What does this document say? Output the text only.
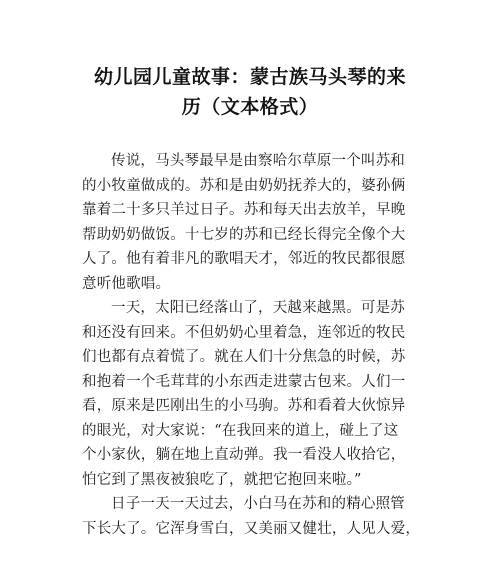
幼儿园儿童故事：蒙古族马头琴的来
历（文本格式）
传说，马头琴最早是由察哈尔草原一个叫苏和
的小牧童做成的。苏和是由奶奶抚养大的，婆孙俩
靠着二十多只羊过日子。苏和每天出去放羊，早晚
帮助奶奶做饭。十七岁的苏和已经长得完全像个大
人了。他有着非凡的歌唱天才，邻近的牧民都很愿
意听他歌唱。
一天，太阳已经落山了，天越来越黑。可是苏
和还没有回来。不但奶奶心里着急，连邻近的牧民
们也都有点着慌了。就在人们十分焦急的时候，苏
和抱着一个毛茸茸的小东西走进蒙古包来。人们一
看，原来是匹刚出生的小马驹。苏和看着大伙惊异
的眼光，对大家说：“在我回来的道上，碰上了这
个小家伙，躺在地上直动弹。我一看没人收拾它，
怕它到了黑夜被狼吃了，就把它抱回来啦。”
日子一天一天过去，小白马在苏和的精心照管
下长大了。它浑身雪白，又美丽又健壮，人见人爱，
